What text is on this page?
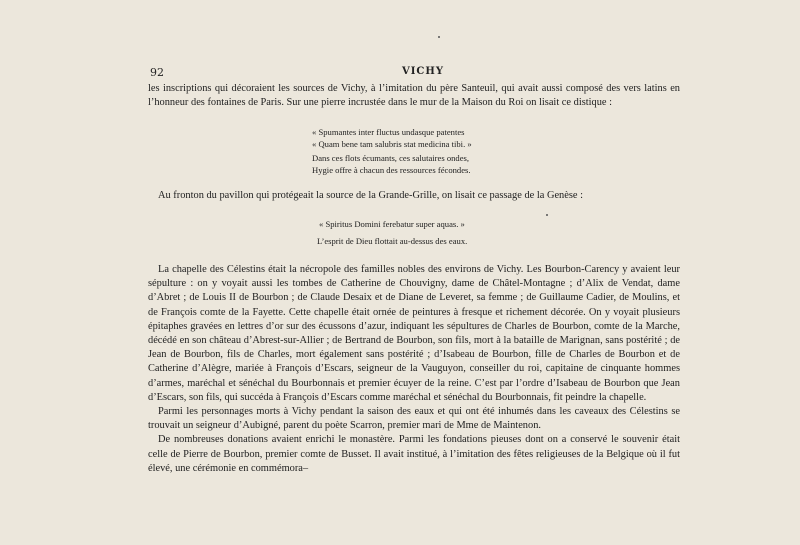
92	VICHY

les inscriptions qui décoraient les sources de Vichy, à l’imitation du père Santeuil, qui avait aussi composé des vers latins en l’honneur des fontaines de Paris. Sur une pierre incrustée dans le mur de la Maison du Roi on lisait ce distique :

« Spumantes inter fluctus undasque patentes
« Quam bene tam salubris stat medicina tibi. »
Dans ces flots écumants, ces salutaires ondes,
Hygie offre à chacun des ressources fécondes.

Au fronton du pavillon qui protégeait la source de la Grande-Grille, on lisait ce passage de la Genèse :

« Spiritus Domini ferebatur super aquas. »
L’esprit de Dieu flottait au-dessus des eaux.

La chapelle des Célestins était la nécropole des familles nobles des environs de Vichy. Les Bourbon-Carency y avaient leur sépulture : on y voyait aussi les tombes de Catherine de Chouvigny, dame de Châtel-Montagne ; d’Alix de Vendat, dame d’Abret ; de Louis II de Bourbon ; de Claude Desaix et de Diane de Leveret, sa femme ; de Guillaume Cadier, de Moulins, et de François comte de la Fayette. Cette chapelle était ornée de peintures à fresque et richement décorée. On y voyait plusieurs épitaphes gravées en lettres d’or sur des écussons d’azur, indiquant les sépultures de Charles de Bourbon, comte de la Marche, décédé en son château d’Abrest-sur-Allier ; de Bertrand de Bourbon, son fils, mort à la bataille de Marignan, sans postérité ; de Jean de Bourbon, fils de Charles, mort également sans postérité ; d’Isabeau de Bourbon, fille de Charles de Bourbon et de Catherine d’Alègre, mariée à François d’Escars, seigneur de la Vauguyon, conseiller du roi, capitaine de cinquante hommes d’armes, maréchal et sénéchal du Bourbonnais et premier écuyer de la reine. C’est par l’ordre d’Isabeau de Bourbon que Jean d’Escars, son fils, qui succéda à François d’Escars comme maréchal et sénéchal du Bourbonnais, fit peindre la chapelle.

Parmi les personnages morts à Vichy pendant la saison des eaux et qui ont été inhumés dans les caveaux des Célestins se trouvait un seigneur d’Aubigné, parent du poète Scarron, premier mari de Mme de Maintenon.

De nombreuses donations avaient enrichi le monastère. Parmi les fondations pieuses dont on a conservé le souvenir était celle de Pierre de Bourbon, premier comte de Busset. Il avait institué, à l’imitation des fêtes religieuses de la Belgique où il fut élevé, une cérémonie en commémora–
